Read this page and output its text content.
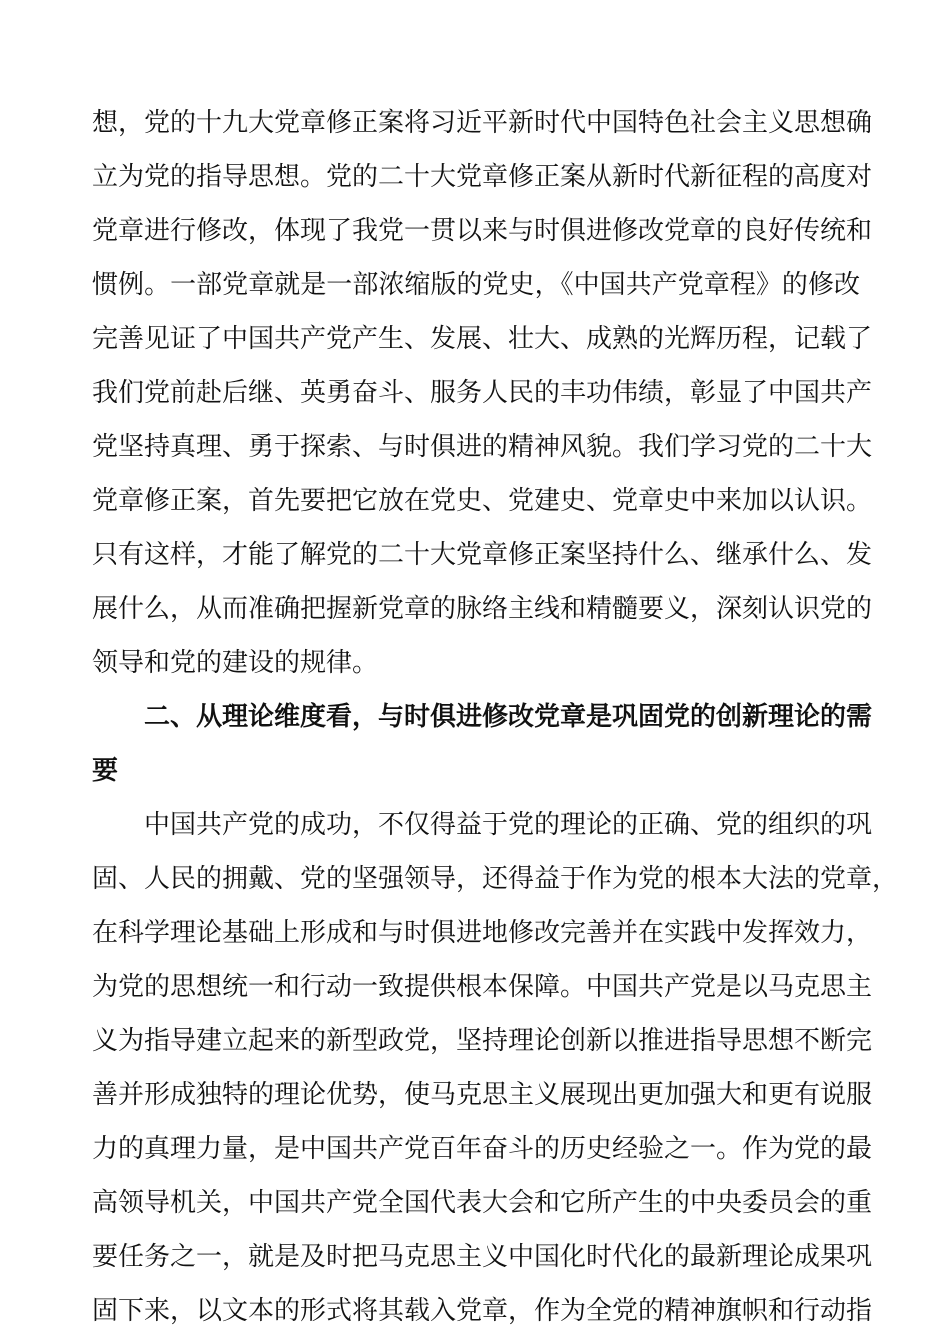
想，党的十九大党章修正案将习近平新时代中国特色社会主义思想确
立为党的指导思想。党的二十大党章修正案从新时代新征程的高度对
党章进行修改，体现了我党一贯以来与时俱进修改党章的良好传统和
惯例。一部党章就是一部浓缩版的党史，《中国共产党章程》的修改
完善见证了中国共产党产生、发展、壮大、成熟的光辉历程，记载了
我们党前赴后继、英勇奋斗、服务人民的丰功伟绩，彰显了中国共产
党坚持真理、勇于探索、与时俱进的精神风貌。我们学习党的二十大
党章修正案，首先要把它放在党史、党建史、党章史中来加以认识。
只有这样，才能了解党的二十大党章修正案坚持什么、继承什么、发
展什么，从而准确把握新党章的脉络主线和精髓要义，深刻认识党的
领导和党的建设的规律。
二、从理论维度看，与时俱进修改党章是巩固党的创新理论的需
要
中国共产党的成功，不仅得益于党的理论的正确、党的组织的巩
固、人民的拥戴、党的坚强领导，还得益于作为党的根本大法的党章，
在科学理论基础上形成和与时俱进地修改完善并在实践中发挥效力，
为党的思想统一和行动一致提供根本保障。中国共产党是以马克思主
义为指导建立起来的新型政党，坚持理论创新以推进指导思想不断完
善并形成独特的理论优势，使马克思主义展现出更加强大和更有说服
力的真理力量，是中国共产党百年奋斗的历史经验之一。作为党的最
高领导机关，中国共产党全国代表大会和它所产生的中央委员会的重
要任务之一，就是及时把马克思主义中国化时代化的最新理论成果巩
固下来，以文本的形式将其载入党章，作为全党的精神旗帜和行动指
